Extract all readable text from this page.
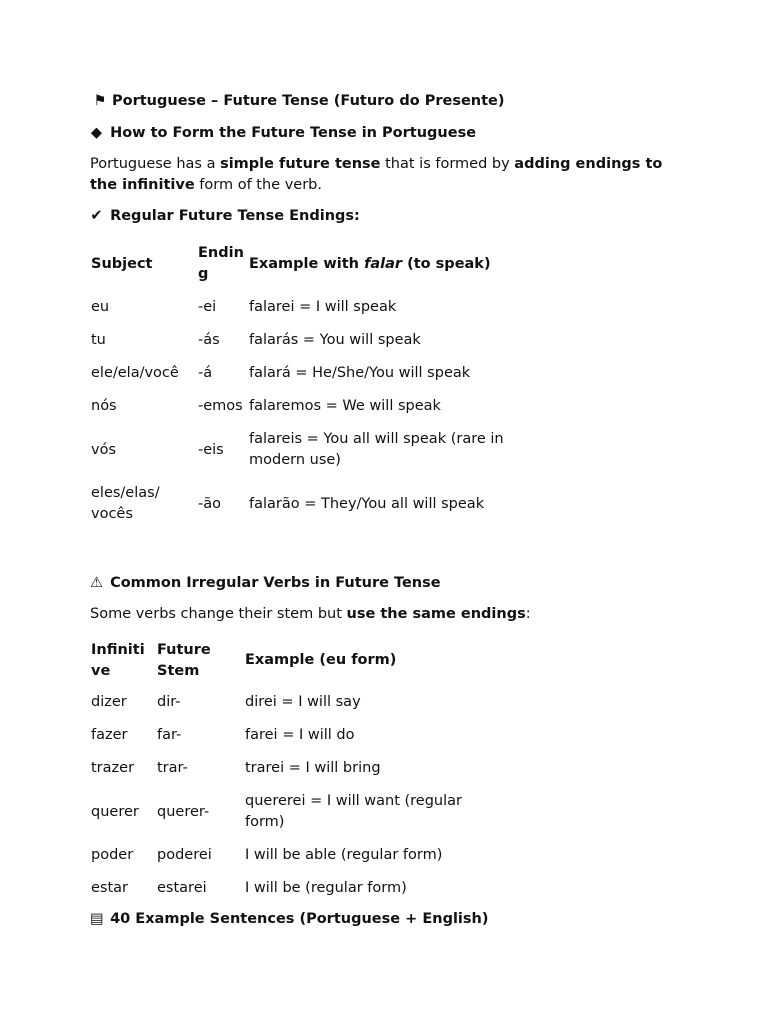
⚑ Portuguese – Future Tense (Futuro do Presente)
◆ How to Form the Future Tense in Portuguese

Portuguese has a simple future tense that is formed by adding endings to the infinitive form of the verb.

✔ Regular Future Tense Endings:
Subject	Ending	Example with falar (to speak)
eu	-ei	falarei = I will speak
tu	-ás	falarás = You will speak
ele/ela/você	-á	falará = He/She/You will speak
nós	-emos	falaremos = We will speak
vós	-eis	falareis = You all will speak (rare in modern use)
eles/elas/ vocês	-ão	falarão = They/You all will speak
⚠ Common Irregular Verbs in Future Tense

Some verbs change their stem but use the same endings:

Infinitive	Future Stem	Example (eu form)
dizer	dir-	direi = I will say
fazer	far-	farei = I will do
trazer	trar-	trarei = I will bring
querer	querer-	quererei = I will want (regular form)
poder	poderei	I will be able (regular form)
estar	estarei	I will be (regular form)
▤ 40 Example Sentences (Portuguese + English)
